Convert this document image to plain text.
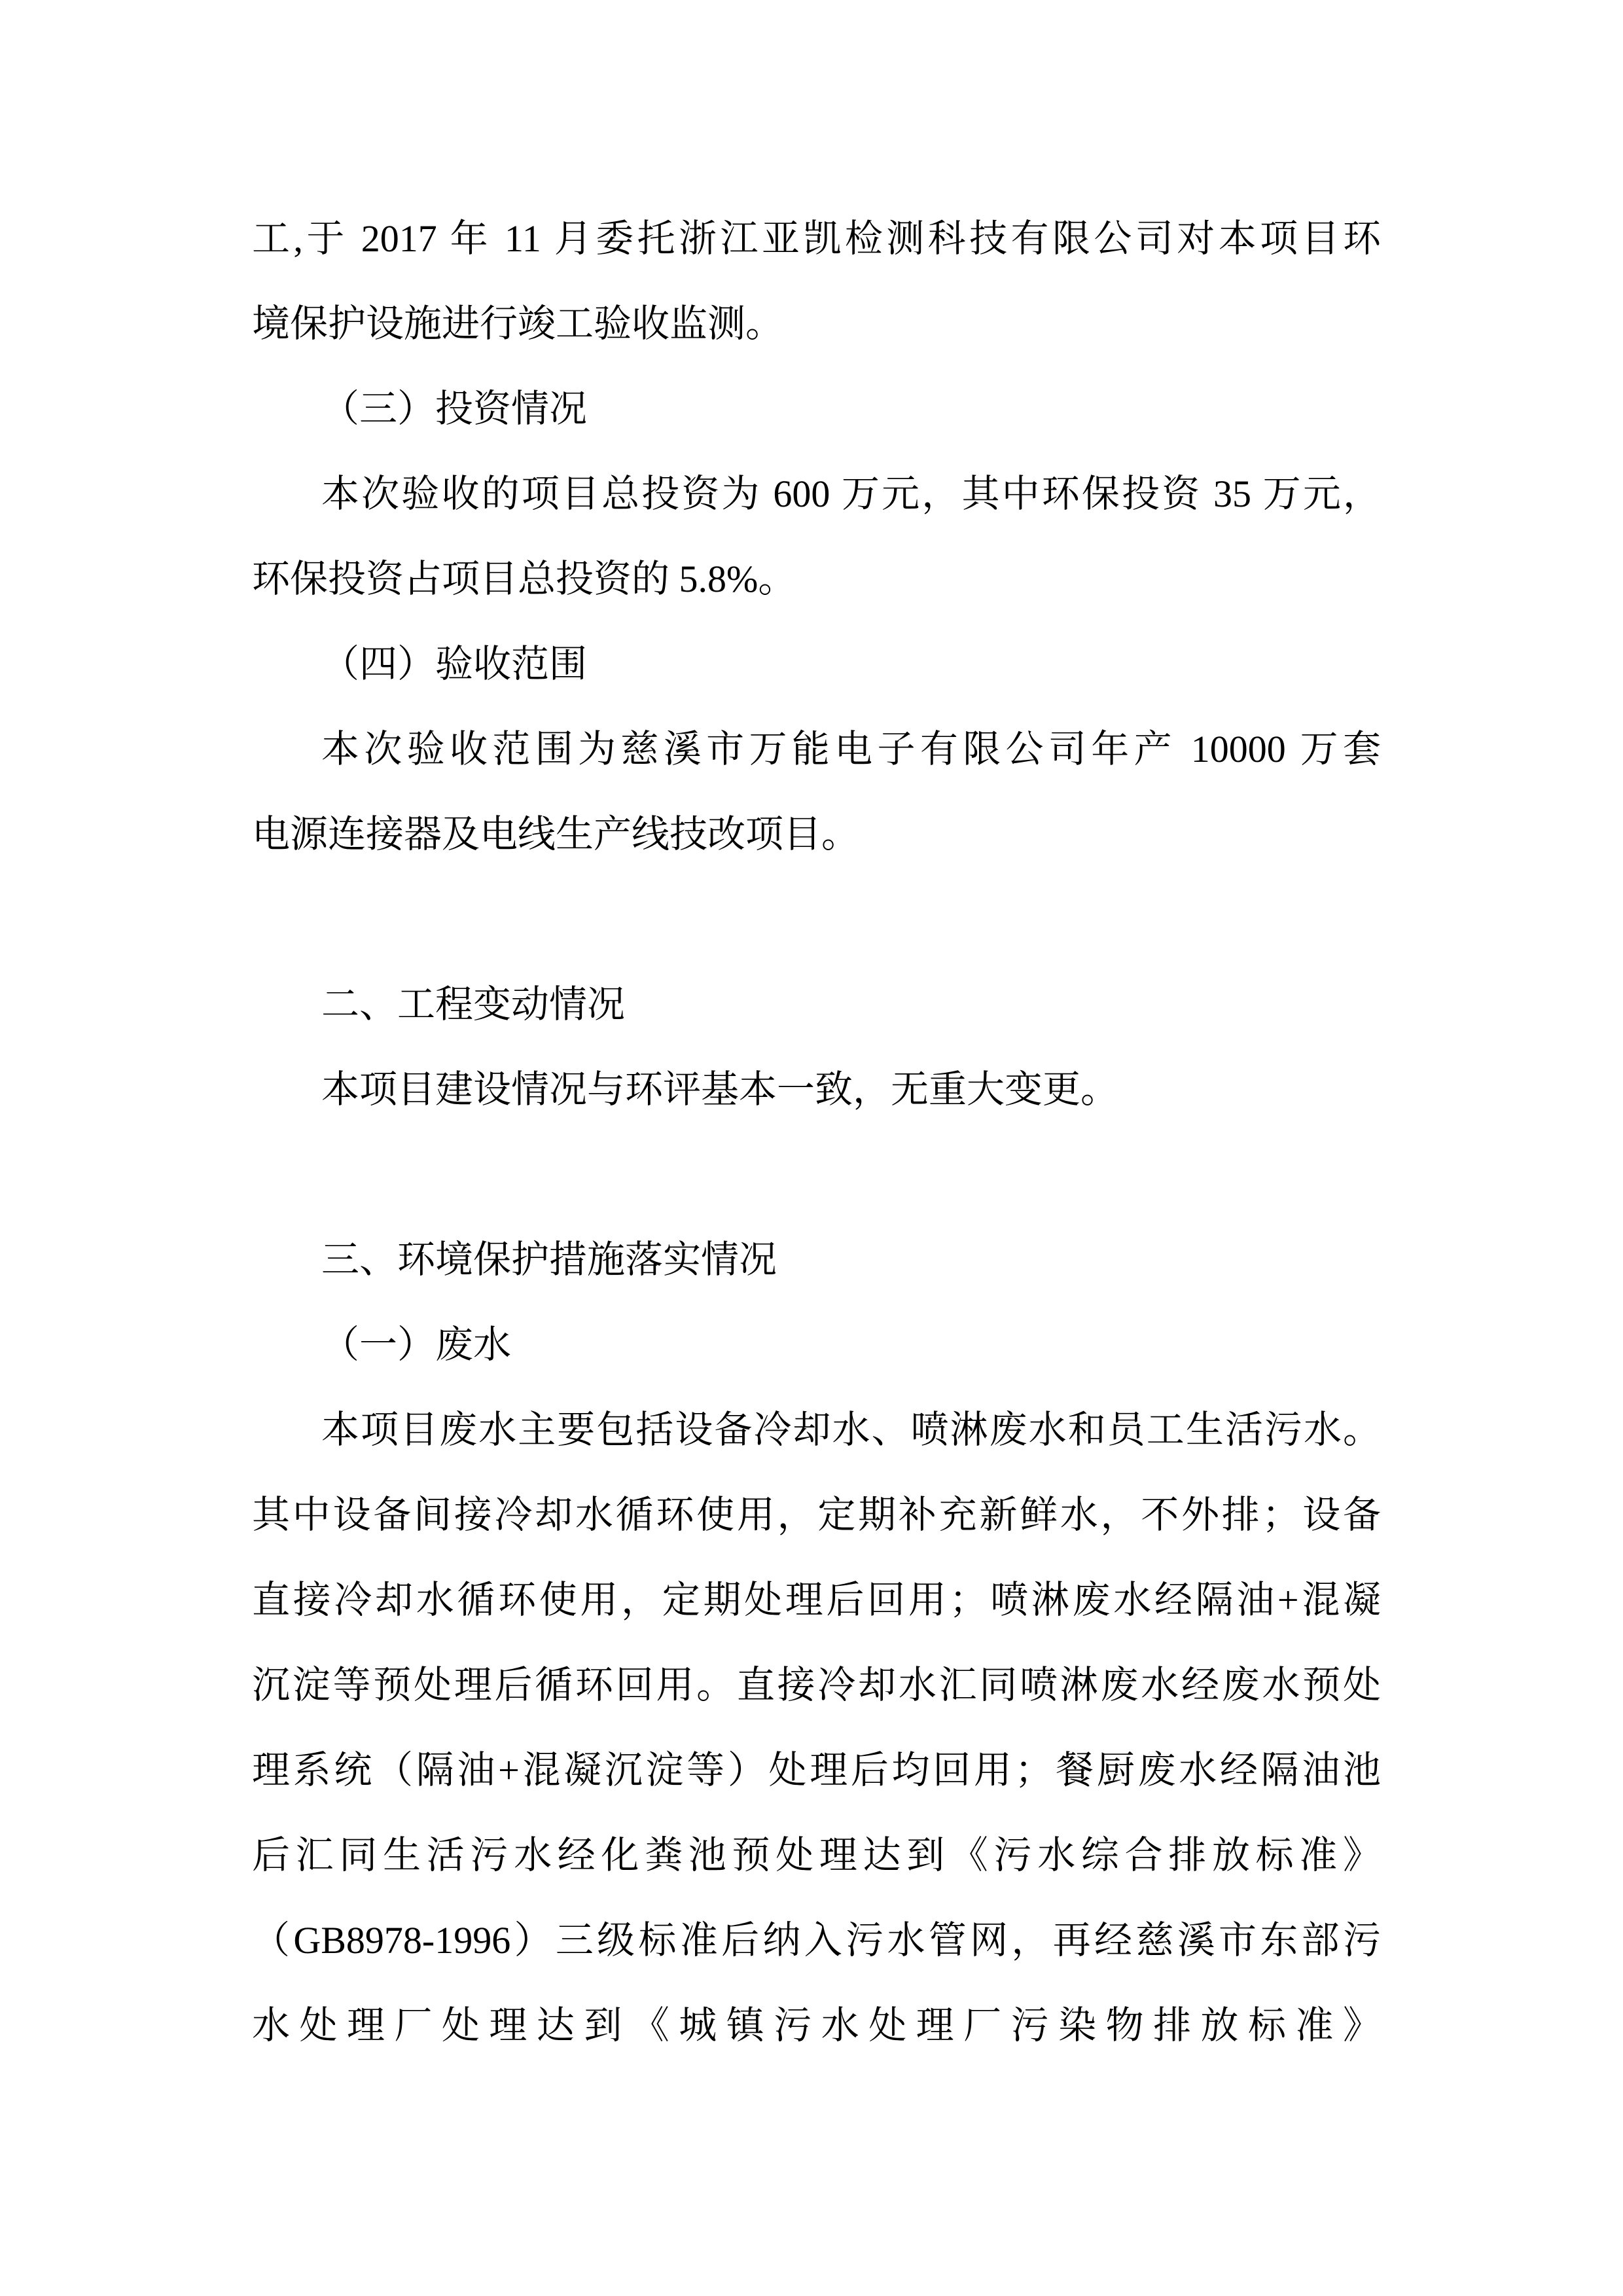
工,于 2017 年 11 月委托浙江亚凯检测科技有限公司对本项目环
境保护设施进行竣工验收监测。
（三）投资情况
本次验收的项目总投资为 600 万元，其中环保投资 35 万元，
环保投资占项目总投资的 5.8%。
（四）验收范围
本次验收范围为慈溪市万能电子有限公司年产 10000 万套
电源连接器及电线生产线技改项目。
二、工程变动情况
本项目建设情况与环评基本一致，无重大变更。
三、环境保护措施落实情况
（一）废水
本项目废水主要包括设备冷却水、喷淋废水和员工生活污水。
其中设备间接冷却水循环使用，定期补充新鲜水，不外排；设备
直接冷却水循环使用，定期处理后回用；喷淋废水经隔油+混凝
沉淀等预处理后循环回用。直接冷却水汇同喷淋废水经废水预处
理系统（隔油+混凝沉淀等）处理后均回用；餐厨废水经隔油池
后汇同生活污水经化粪池预处理达到《污水综合排放标准》
（GB8978-1996）三级标准后纳入污水管网，再经慈溪市东部污
水处理厂处理达到《城镇污水处理厂污染物排放标准》
